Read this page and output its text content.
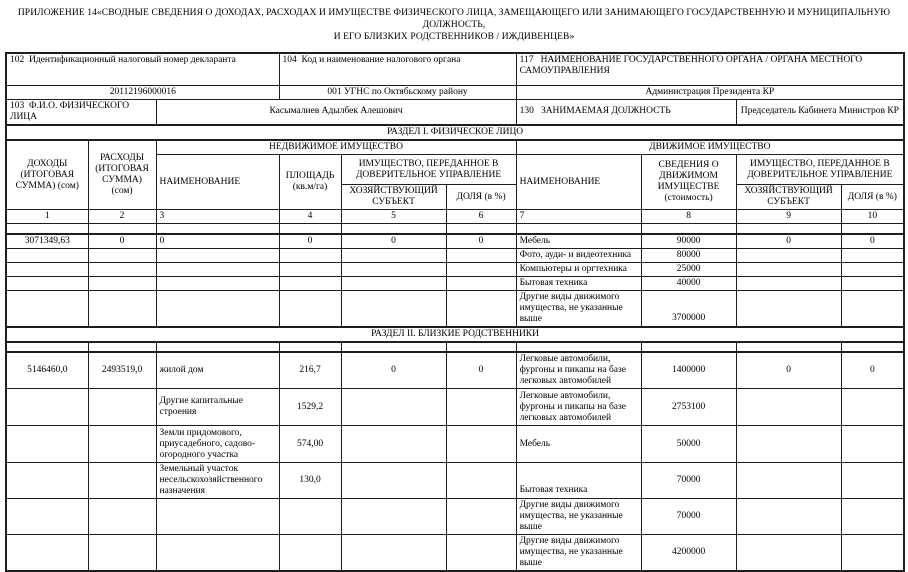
ПРИЛОЖЕНИЕ 14«СВОДНЫЕ СВЕДЕНИЯ О ДОХОДАХ, РАСХОДАХ И ИМУЩЕСТВЕ ФИЗИЧЕСКОГО ЛИЦА, ЗАМЕЩАЮЩЕГО ИЛИ ЗАНИМАЮЩЕГО ГОСУДАРСТВЕННУЮ И МУНИЦИПАЛЬНУЮ ДОЛЖНОСТЬ,
И ЕГО БЛИЗКИХ РОДСТВЕННИКОВ / ИЖДИВЕНЦЕВ»
102  Идентификационный налоговый номер декларанта			104  Код и наименование налогового органа			117   НАИМЕНОВАНИЕ ГОСУДАРСТВЕННОГО ОРГАНА / ОРГАНА МЕСТНОГО САМОУПРАВЛЕНИЯ			
20112196000016			001 УГНС по Октябьскому району			Администрация Президента КР			
103  Ф.И.О. ФИЗИЧЕСКОГО ЛИЦА		Касымалиев Адылбек Алешович				130   ЗАНИМАЕМАЯ ДОЛЖНОСТЬ		Председатель Кабинета Министров КР	
РАЗДЕЛ I. ФИЗИЧЕСКОЕ ЛИЦО									
ДОХОДЫ (ИТОГОВАЯ СУММА) (сом)	РАСХОДЫ (ИТОГОВАЯ СУММА) (сом)	НЕДВИЖИМОЕ ИМУЩЕСТВО				ДВИЖИМОЕ ИМУЩЕСТВО			
		НАИМЕНОВАНИЕ	ПЛОЩАДЬ (кв.м/га)	ИМУЩЕСТВО, ПЕРЕДАННОЕ В ДОВЕРИТЕЛЬНОЕ УПРАВЛЕНИЕ		НАИМЕНОВАНИЕ	СВЕДЕНИЯ О ДВИЖИМОМ ИМУЩЕСТВЕ (стоимость)	ИМУЩЕСТВО, ПЕРЕДАННОЕ В ДОВЕРИТЕЛЬНОЕ УПРАВЛЕНИЕ	
				ХОЗЯЙСТВУЮЩИЙ СУБЪЕКТ	ДОЛЯ (в %)			ХОЗЯЙСТВУЮЩИЙ СУБЪЕКТ	ДОЛЯ (в %)
1	2	3	4	5	6	7	8	9	10

3071349,63	0	0	0	0	0	Мебель	90000	0	0
						Фото, ауди- и видеотехника	80000		
						Компьютеры и оргтехника	25000		
						Бытовая техника	40000		
						Другие виды движимого имущества, не указанные выше	3700000		
РАЗДЕЛ II. БЛИЗКИЕ РОДСТВЕННИКИ									

5146460,0	2493519,0	жилой дом	216,7	0	0	Легковые автомобили, фургоны и пикапы на базе легковых автомобилей	1400000	0	0
		Другие капитальные строения	1529,2			Легковые автомобили, фургоны и пикапы на базе легковых автомобилей	2753100		
		Земли придомового, приусадебного, садово-огородного участка	574,00			Мебель	50000		
		Земельный участок несельскохозяйственного назначения	130,0			Бытовая техника	70000		
						Другие виды движимого имущества, не указанные выше	70000		
						Другие виды движимого имущества, не указанные выше	4200000		
